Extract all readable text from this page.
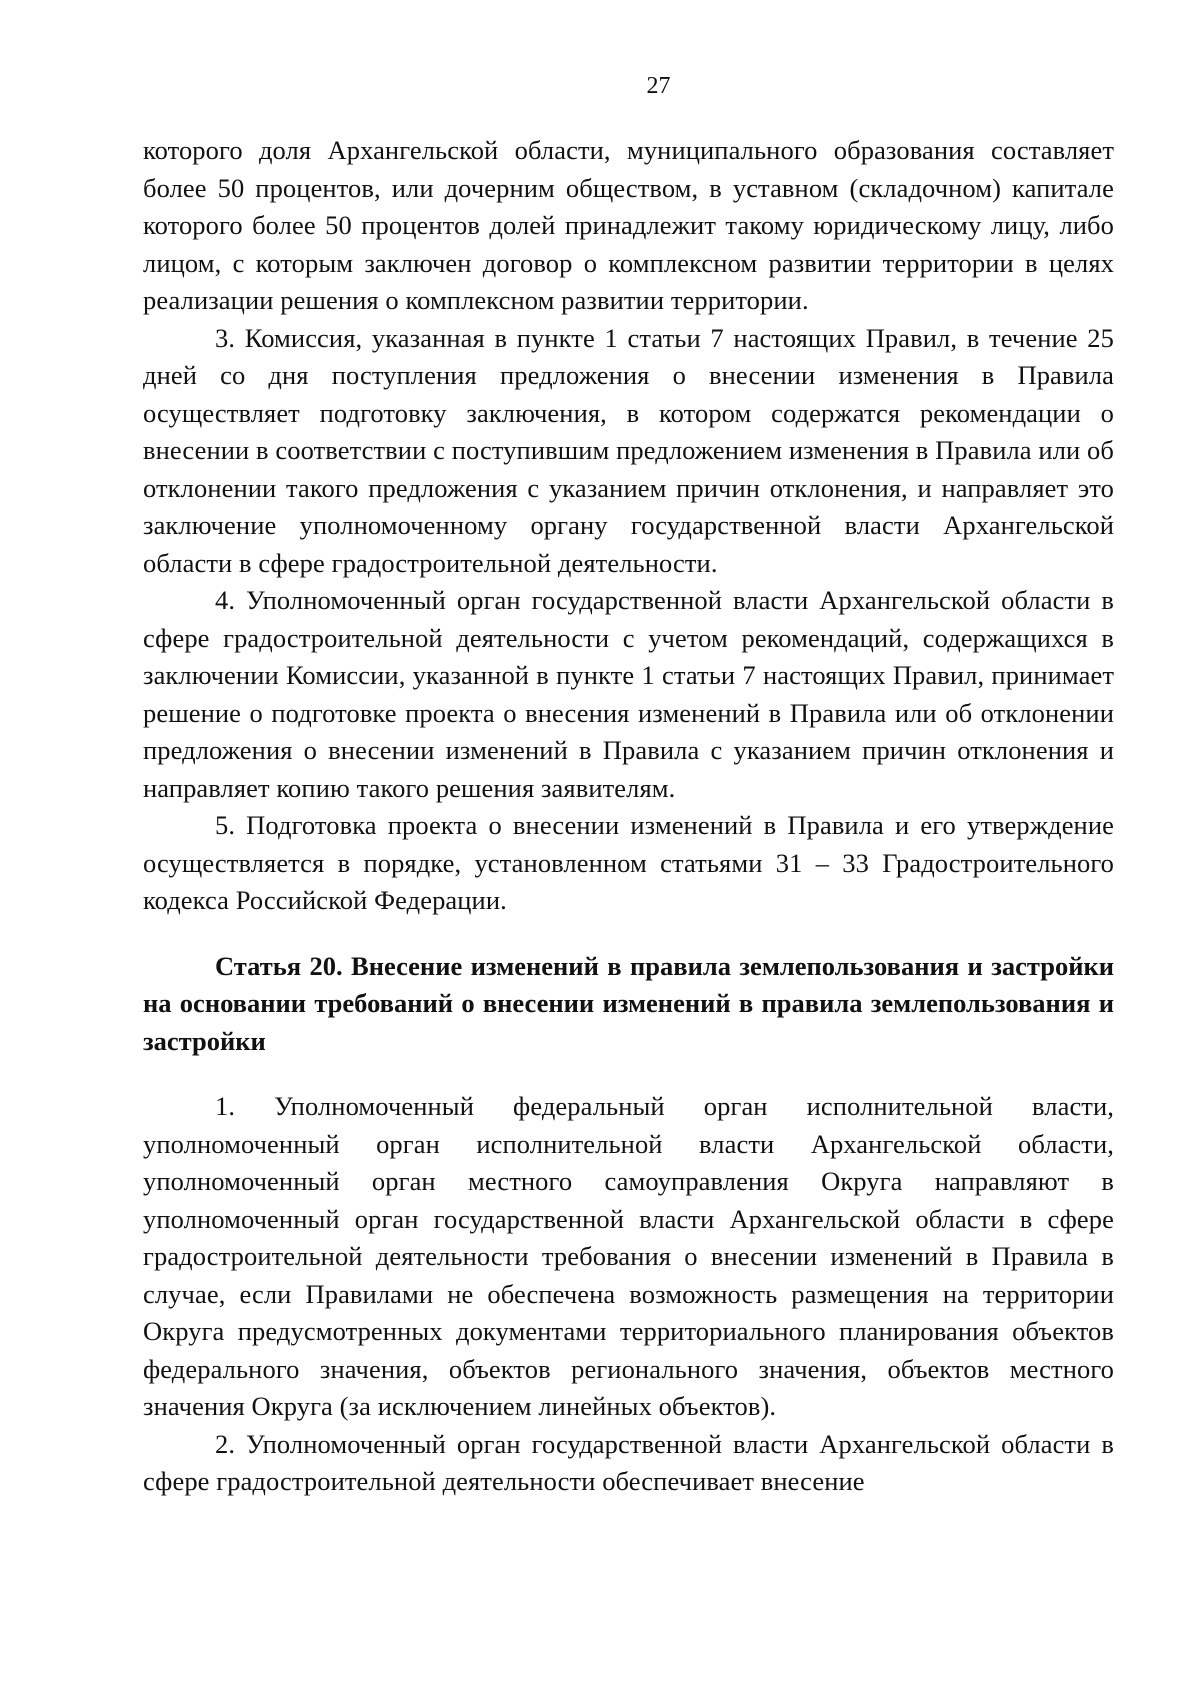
27

которого доля Архангельской области, муниципального образования составляет более 50 процентов, или дочерним обществом, в уставном (складочном) капитале которого более 50 процентов долей принадлежит такому юридическому лицу, либо лицом, с которым заключен договор о комплексном развитии территории в целях реализации решения о комплексном развитии территории.

3. Комиссия, указанная в пункте 1 статьи 7 настоящих Правил, в течение 25 дней со дня поступления предложения о внесении изменения в Правила осуществляет подготовку заключения, в котором содержатся рекомендации о внесении в соответствии с поступившим предложением изменения в Правила или об отклонении такого предложения с указанием причин отклонения, и направляет это заключение уполномоченному органу государственной власти Архангельской области в сфере градостроительной деятельности.

4. Уполномоченный орган государственной власти Архангельской области в сфере градостроительной деятельности с учетом рекомендаций, содержащихся в заключении Комиссии, указанной в пункте 1 статьи 7 настоящих Правил, принимает решение о подготовке проекта о внесения изменений в Правила или об отклонении предложения о внесении изменений в Правила с указанием причин отклонения и направляет копию такого решения заявителям.

5. Подготовка проекта о внесении изменений в Правила и его утверждение осуществляется в порядке, установленном статьями 31 – 33 Градостроительного кодекса Российской Федерации.

Статья 20. Внесение изменений в правила землепользования и застройки на основании требований о внесении изменений в правила землепользования и застройки

1. Уполномоченный федеральный орган исполнительной власти, уполномоченный орган исполнительной власти Архангельской области, уполномоченный орган местного самоуправления Округа направляют в уполномоченный орган государственной власти Архангельской области в сфере градостроительной деятельности требования о внесении изменений в Правила в случае, если Правилами не обеспечена возможность размещения на территории Округа предусмотренных документами территориального планирования объектов федерального значения, объектов регионального значения, объектов местного значения Округа (за исключением линейных объектов).

2. Уполномоченный орган государственной власти Архангельской области в сфере градостроительной деятельности обеспечивает внесение
